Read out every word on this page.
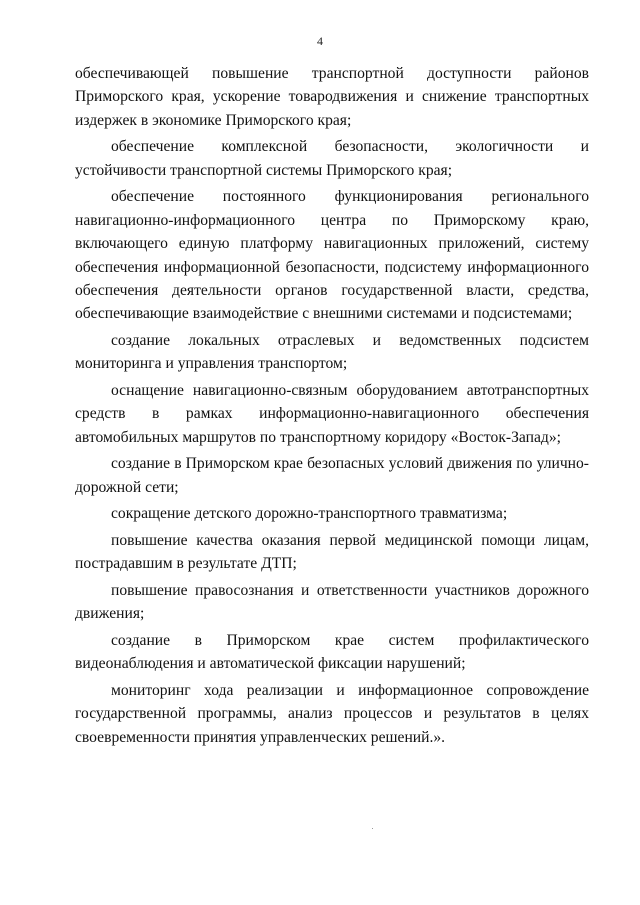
4

обеспечивающей повышение транспортной доступности районов Приморского края, ускорение товародвижения и снижение транспортных издержек в экономике Приморского края;

обеспечение комплексной безопасности, экологичности и устойчивости транспортной системы Приморского края;

обеспечение постоянного функционирования регионального навигационно-информационного центра по Приморскому краю, включающего единую платформу навигационных приложений, систему обеспечения информационной безопасности, подсистему информационного обеспечения деятельности органов государственной власти, средства, обеспечивающие взаимодействие с внешними системами и подсистемами;

создание локальных отраслевых и ведомственных подсистем мониторинга и управления транспортом;

оснащение навигационно-связным оборудованием автотранспортных средств в рамках информационно-навигационного обеспечения автомобильных маршрутов по транспортному коридору «Восток-Запад»;

создание в Приморском крае безопасных условий движения по улично-дорожной сети;

сокращение детского дорожно-транспортного травматизма;

повышение качества оказания первой медицинской помощи лицам, пострадавшим в результате ДТП;

повышение правосознания и ответственности участников дорожного движения;

создание в Приморском крае систем профилактического видеонаблюдения и автоматической фиксации нарушений;

мониторинг хода реализации и информационное сопровождение государственной программы, анализ процессов и результатов в целях своевременности принятия управленческих решений.».
